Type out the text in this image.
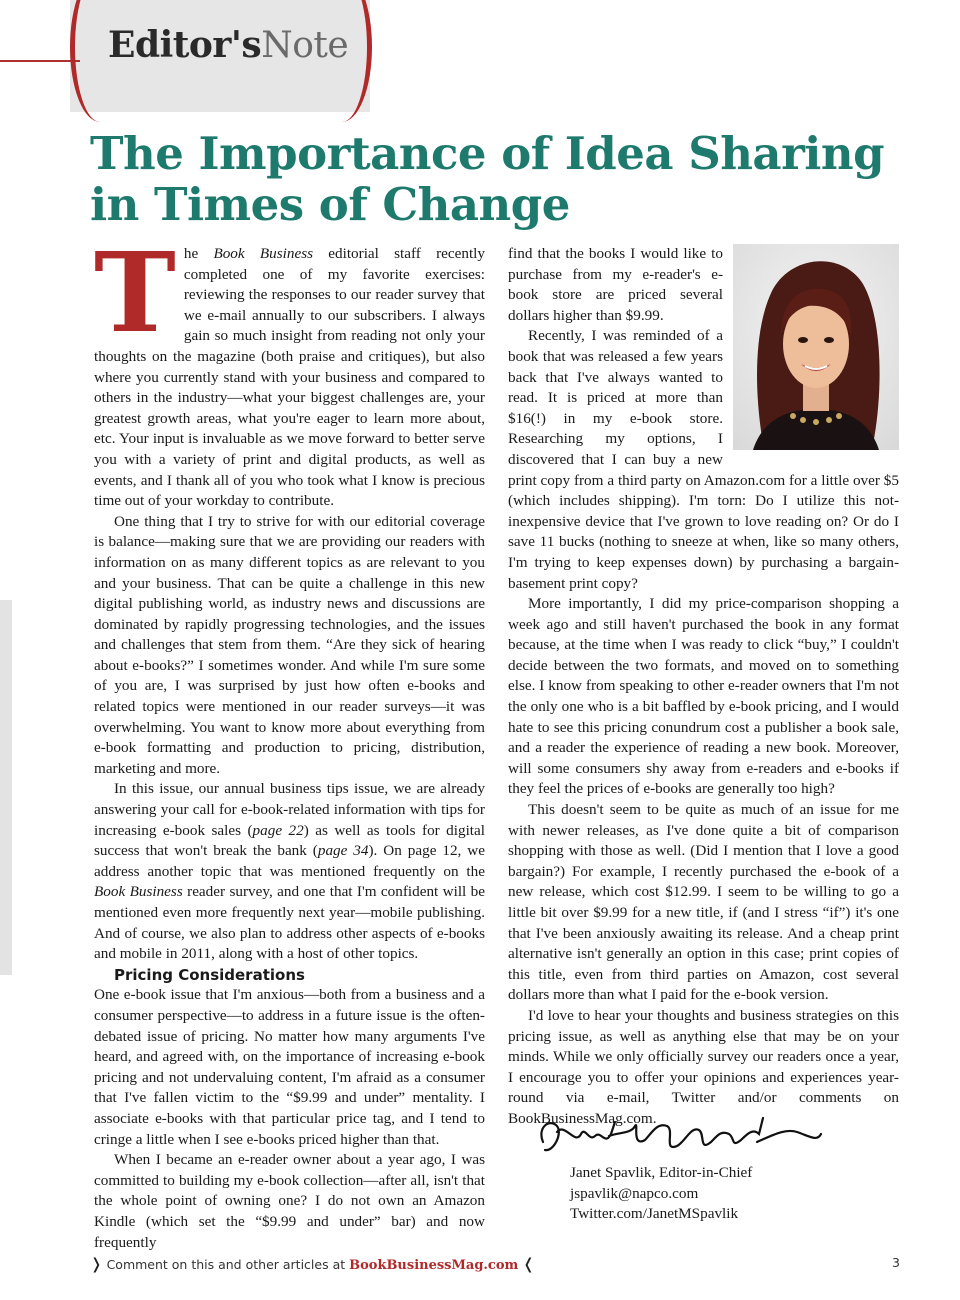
Editor'sNote
The Importance of Idea Sharing in Times of Change

The Book Business editorial staff recently completed one of my favorite exercises: reviewing the responses to our reader survey that we e-mail annually to our subscribers. I always gain so much insight from reading not only your thoughts on the magazine (both praise and critiques), but also where you currently stand with your business and compared to others in the industry—what your biggest challenges are, your greatest growth areas, what you're eager to learn more about, etc. Your input is invaluable as we move forward to better serve you with a variety of print and digital products, as well as events, and I thank all of you who took what I know is precious time out of your workday to contribute.

One thing that I try to strive for with our editorial coverage is balance—making sure that we are providing our readers with information on as many different topics as are relevant to you and your business. That can be quite a challenge in this new digital publishing world, as industry news and discussions are dominated by rapidly progressing technologies, and the issues and challenges that stem from them. “Are they sick of hearing about e-books?” I sometimes wonder. And while I'm sure some of you are, I was surprised by just how often e-books and related topics were mentioned in our reader surveys—it was overwhelming. You want to know more about everything from e-book formatting and production to pricing, distribution, marketing and more.

In this issue, our annual business tips issue, we are already answering your call for e-book-related information with tips for increasing e-book sales (page 22) as well as tools for digital success that won't break the bank (page 34). On page 12, we address another topic that was mentioned frequently on the Book Business reader survey, and one that I'm confident will be mentioned even more frequently next year—mobile publishing. And of course, we also plan to address other aspects of e-books and mobile in 2011, along with a host of other topics.

Pricing Considerations

One e-book issue that I'm anxious—both from a business and a consumer perspective—to address in a future issue is the often-debated issue of pricing. No matter how many arguments I've heard, and agreed with, on the importance of increasing e-book pricing and not undervaluing content, I'm afraid as a consumer that I've fallen victim to the “$9.99 and under” mentality. I associate e-books with that particular price tag, and I tend to cringe a little when I see e-books priced higher than that.

When I became an e-reader owner about a year ago, I was committed to building my e-book collection—after all, isn't that the whole point of owning one? I do not own an Amazon Kindle (which set the “$9.99 and under” bar) and now frequently

find that the books I would like to purchase from my e-reader's e-book store are priced several dollars higher than $9.99.

Recently, I was reminded of a book that was released a few years back that I've always wanted to read. It is priced at more than $16(!) in my e-book store. Researching my options, I discovered that I can buy a new print copy from a third party on Amazon.com for a little over $5 (which includes shipping). I'm torn: Do I utilize this not-inexpensive device that I've grown to love reading on? Or do I save 11 bucks (nothing to sneeze at when, like so many others, I'm trying to keep expenses down) by purchasing a bargain-basement print copy?

More importantly, I did my price-comparison shopping a week ago and still haven't purchased the book in any format because, at the time when I was ready to click “buy,” I couldn't decide between the two formats, and moved on to something else. I know from speaking to other e-reader owners that I'm not the only one who is a bit baffled by e-book pricing, and I would hate to see this pricing conundrum cost a publisher a book sale, and a reader the experience of reading a new book. Moreover, will some consumers shy away from e-readers and e-books if they feel the prices of e-books are generally too high?

This doesn't seem to be quite as much of an issue for me with newer releases, as I've done quite a bit of comparison shopping with those as well. (Did I mention that I love a good bargain?) For example, I recently purchased the e-book of a new release, which cost $12.99. I seem to be willing to go a little bit over $9.99 for a new title, if (and I stress “if”) it's one that I've been anxiously awaiting its release. And a cheap print alternative isn't generally an option in this case; print copies of this title, even from third parties on Amazon, cost several dollars more than what I paid for the e-book version.

I'd love to hear your thoughts and business strategies on this pricing issue, as well as anything else that may be on your minds. While we only officially survey our readers once a year, I encourage you to offer your opinions and experiences year-round via e-mail, Twitter and/or comments on BookBusinessMag.com.

Janet Spavlik, Editor-in-Chief
jspavlik@napco.com
Twitter.com/JanetMSpavlik
❭ Comment on this and other articles at BookBusinessMag.com ❬	3
